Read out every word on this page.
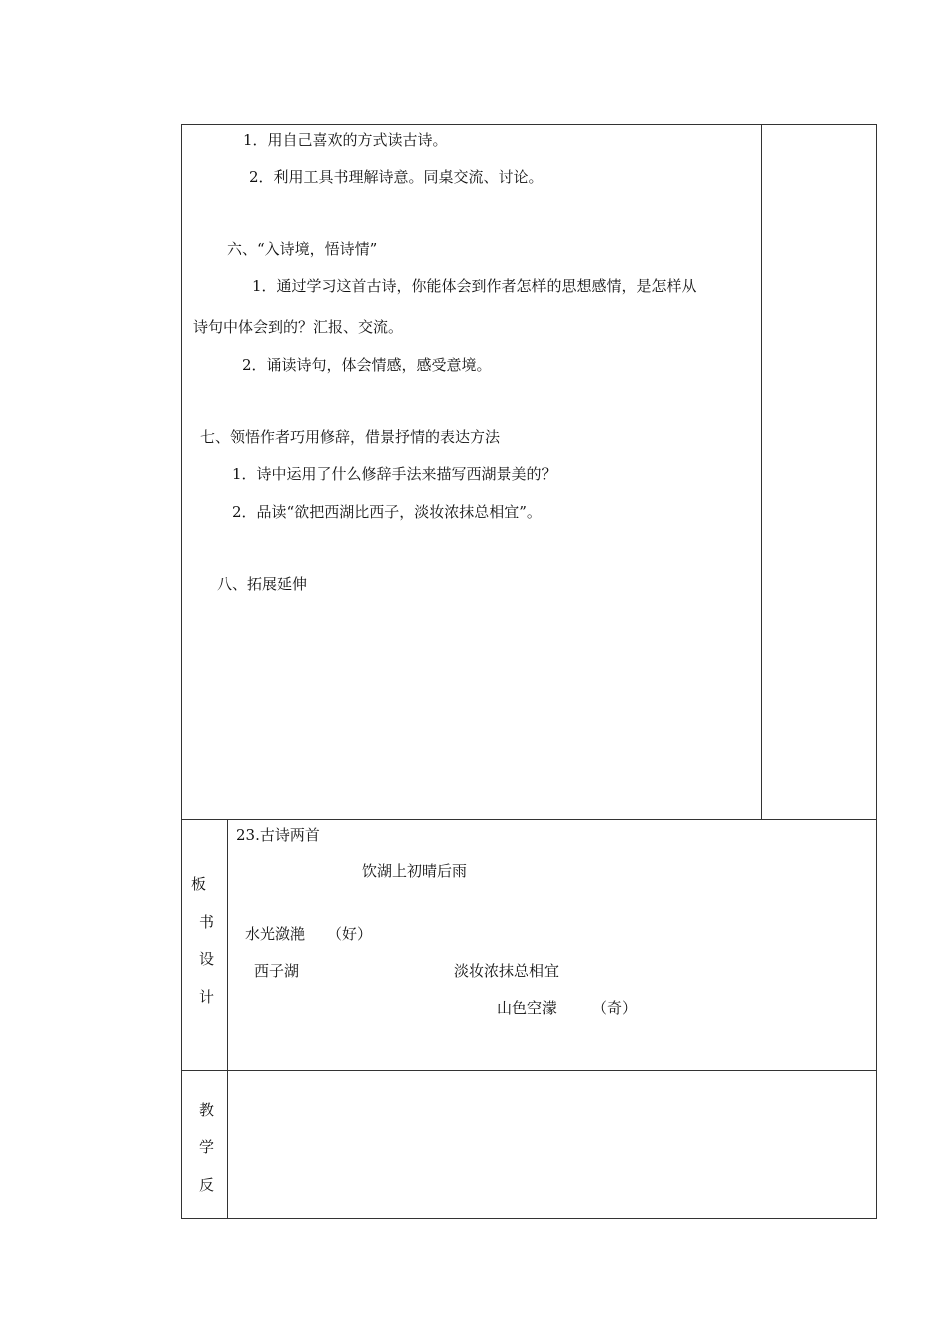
1．用自己喜欢的方式读古诗。
2．利用工具书理解诗意。同桌交流、讨论。
六、“入诗境，悟诗情”
1．通过学习这首古诗，你能体会到作者怎样的思想感情，是怎样从
诗句中体会到的？汇报、交流。
2．诵读诗句，体会情感，感受意境。
七、领悟作者巧用修辞，借景抒情的表达方法
1．诗中运用了什么修辞手法来描写西湖景美的？
2．品读“欲把西湖比西子，淡妆浓抹总相宜”。
八、拓展延伸
板
书
设
计
23.古诗两首
饮湖上初晴后雨
水光潋滟 （好）
西子湖	淡妆浓抹总相宜
山色空濛 （奇）
教
学
反
